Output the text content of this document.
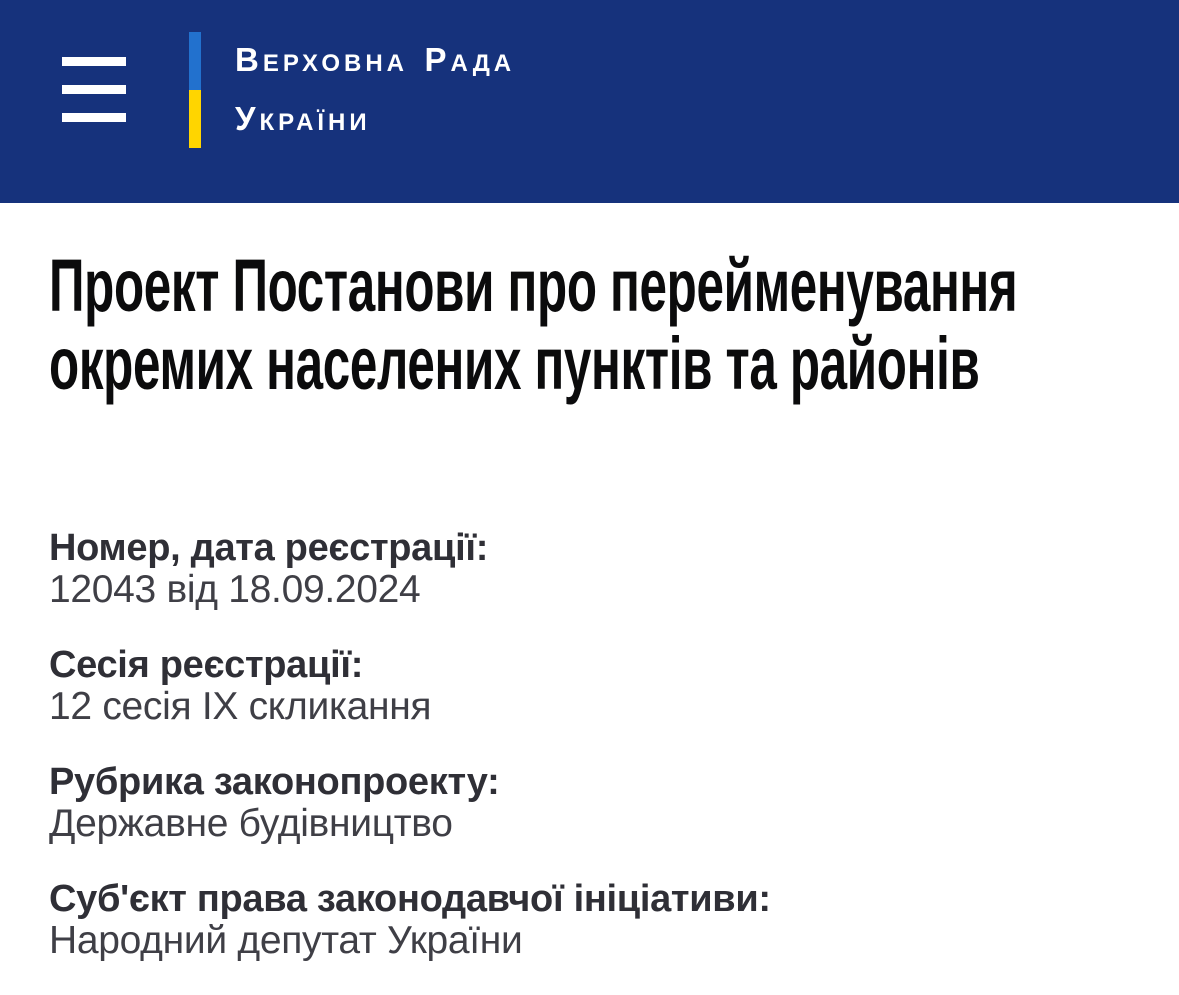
ВЕРХОВНА РАДА
УКРАЇНИ
Проект Постанови про перейменування окремих населених пунктів та районів
Номер, дата реєстрації:
12043 від 18.09.2024
Сесія реєстрації:
12 сесія IX скликання
Рубрика законопроекту:
Державне будівництво
Суб'єкт права законодавчої ініціативи:
Народний депутат України
